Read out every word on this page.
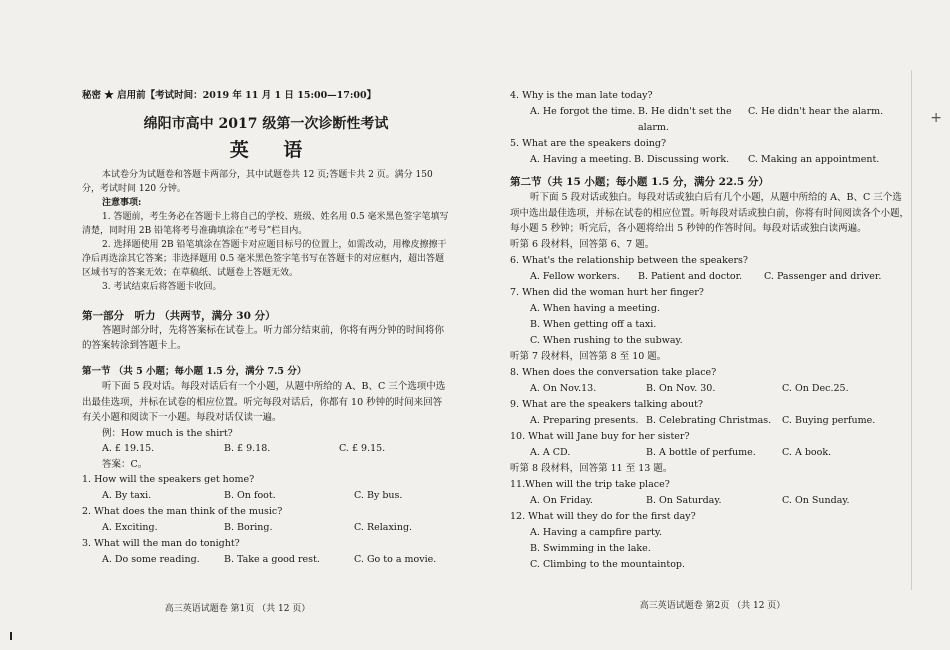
+
秘密 ★ 启用前【考试时间：2019 年 11 月 1 日 15:00—17:00】
绵阳市高中 2017 级第一次诊断性考试
英 语

本试卷分为试题卷和答题卡两部分，其中试题卷共 12 页;答题卡共 2 页。满分 150 分，考试时间 120 分钟。

注意事项:

1. 答题前，考生务必在答题卡上将自己的学校、班级、姓名用 0.5 毫米黑色签字笔填写清楚，同时用 2B 铅笔将考号准确填涂在“考号”栏目内。

2. 选择题使用 2B 铅笔填涂在答题卡对应题目标号的位置上，如需改动，用橡皮擦擦干净后再选涂其它答案；非选择题用 0.5 毫米黑色签字笔书写在答题卡的对应框内，超出答题区域书写的答案无效；在草稿纸、试题卷上答题无效。

3. 考试结束后将答题卡收回。

第一部分　听力 （共两节，满分 30 分）

答题时部分时，先将答案标在试卷上。听力部分结束前，你将有两分钟的时间将你的答案转涂到答题卡上。

第一节 （共 5 小题；每小题 1.5 分，满分 7.5 分）

听下面 5 段对话。每段对话后有一个小题，从题中所给的 A、B、C 三个选项中选出最佳选项，并标在试卷的相应位置。听完每段对话后，你都有 10 秒钟的时间来回答有关小题和阅读下一小题。每段对话仅读一遍。

例：How much is the shirt?

A. £ 19.15.	B. £ 9.18.	C. £ 9.15.

答案：C。

1. How will the speakers get home?

A. By taxi.	B. On foot.	C. By bus.

2. What does the man think of the music?

A. Exciting.	B. Boring.	C. Relaxing.

3. What will the man do tonight?

A. Do some reading.	B. Take a good rest.	C. Go to a movie.
高三英语试题卷 第1页 （共 12 页）

4. Why is the man late today?

A. He forgot the time. B. He didn't set the alarm.
C. He didn't hear the alarm.

5. What are the speakers doing?

A. Having a meeting. B. Discussing work.	C. Making an appointment.

第二节（共 15 小题；每小题 1.5 分，满分 22.5 分）

听下面 5 段对话或独白。每段对话或独白后有几个小题，从题中所给的 A、B、C 三个选项中选出最佳选项，并标在试卷的相应位置。听每段对话或独白前，你将有时间阅读各个小题，每小题 5 秒钟；听完后，各小题将给出 5 秒钟的作答时间。每段对话或独白读两遍。

听第 6 段材料，回答第 6、7 题。

6. What's the relationship between the speakers?

A. Fellow workers.	B. Patient and doctor.	C. Passenger and driver.

7. When did the woman hurt her finger?

A. When having a meeting.
B. When getting off a taxi.
C. When rushing to the subway.

听第 7 段材料，回答第 8 至 10 题。

8. When does the conversation take place?

A. On Nov.13.	B. On Nov. 30.	C. On Dec.25.

9. What are the speakers talking about?

A. Preparing presents. B. Celebrating Christmas.	C. Buying perfume.

10. What will Jane buy for her sister?

A. A CD.	B. A bottle of perfume.	C. A book.

听第 8 段材料，回答第 11 至 13 题。

11.When will the trip take place?

A. On Friday.	B. On Saturday.	C. On Sunday.

12. What will they do for the first day?

A. Having a campfire party.
B. Swimming in the lake.
C. Climbing to the mountaintop.
高三英语试题卷 第2页 （共 12 页）
